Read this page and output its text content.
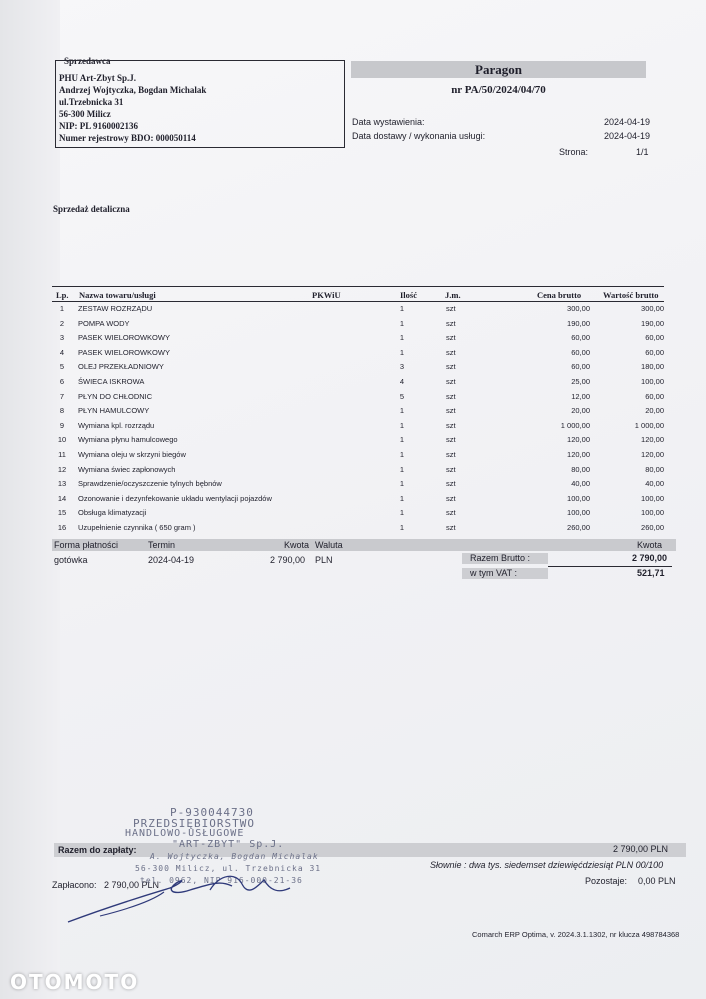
Sprzedawca
PHU Art-Zbyt Sp.J.
Andrzej Wojtyczka, Bogdan Michalak
ul.Trzebnicka 31
56-300 Milicz
NIP: PL 9160002136
Numer rejestrowy BDO: 000050114
Paragon
nr PA/50/2024/04/70
Data wystawienia:	2024-04-19
Data dostawy / wykonania usługi:	2024-04-19
Strona:	1/1
Sprzedaż detaliczna
Lp. Nazwa towaru/usługi	PKWiU	Ilość	J.m.	Cena brutto	Wartość brutto
1	ZESTAW ROZRZĄDU	1	szt	300,00	300,00
2	POMPA WODY	1	szt	190,00	190,00
3	PASEK WIELOROWKOWY	1	szt	60,00	60,00
4	PASEK WIELOROWKOWY	1	szt	60,00	60,00
5	OLEJ PRZEKŁADNIOWY	3	szt	60,00	180,00
6	ŚWIECA ISKROWA	4	szt	25,00	100,00
7	PŁYN DO CHŁODNIC	5	szt	12,00	60,00
8	PŁYN HAMULCOWY	1	szt	20,00	20,00
9	Wymiana kpl. rozrządu	1	szt	1 000,00	1 000,00
10 Wymiana płynu hamulcowego	1	szt	120,00	120,00
11 Wymiana oleju w skrzyni biegów	1	szt	120,00	120,00
12 Wymiana świec zapłonowych	1	szt	80,00	80,00
13 Sprawdzenie/oczyszczenie tylnych bębnów	1	szt	40,00	40,00
14 Ozonowanie i dezynfekowanie układu wentylacji pojazdów	1	szt	100,00	100,00
15 Obsługa klimatyzacji	1	szt	100,00	100,00
16 Uzupełnienie czynnika ( 650 gram )	1	szt	260,00	260,00
Forma płatności	Termin	Kwota Waluta	Kwota
gotówka	2024-04-19	2 790,00 PLN	Razem Brutto :	2 790,00
w tym VAT :	521,71
Razem do zapłaty:	2 790,00 PLN
Słownie : dwa tys. siedemset dziewięćdziesiąt PLN 00/100
Zapłacono: 2 790,00 PLN	Pozostaje: 0,00 PLN
P-930044730
PRZEDSIĘBIORSTWO
HANDLOWO-USŁUGOWE
"ART-ZBYT" Sp.J.
A. Wojtyczka, Bogdan Michalak
56-300 Milicz, ul. Trzebnicka 31
tel. 0962, NIP 916-000-21-36
Comarch ERP Optima, v. 2024.3.1.1302, nr klucza 498784368
OTOMOTO
